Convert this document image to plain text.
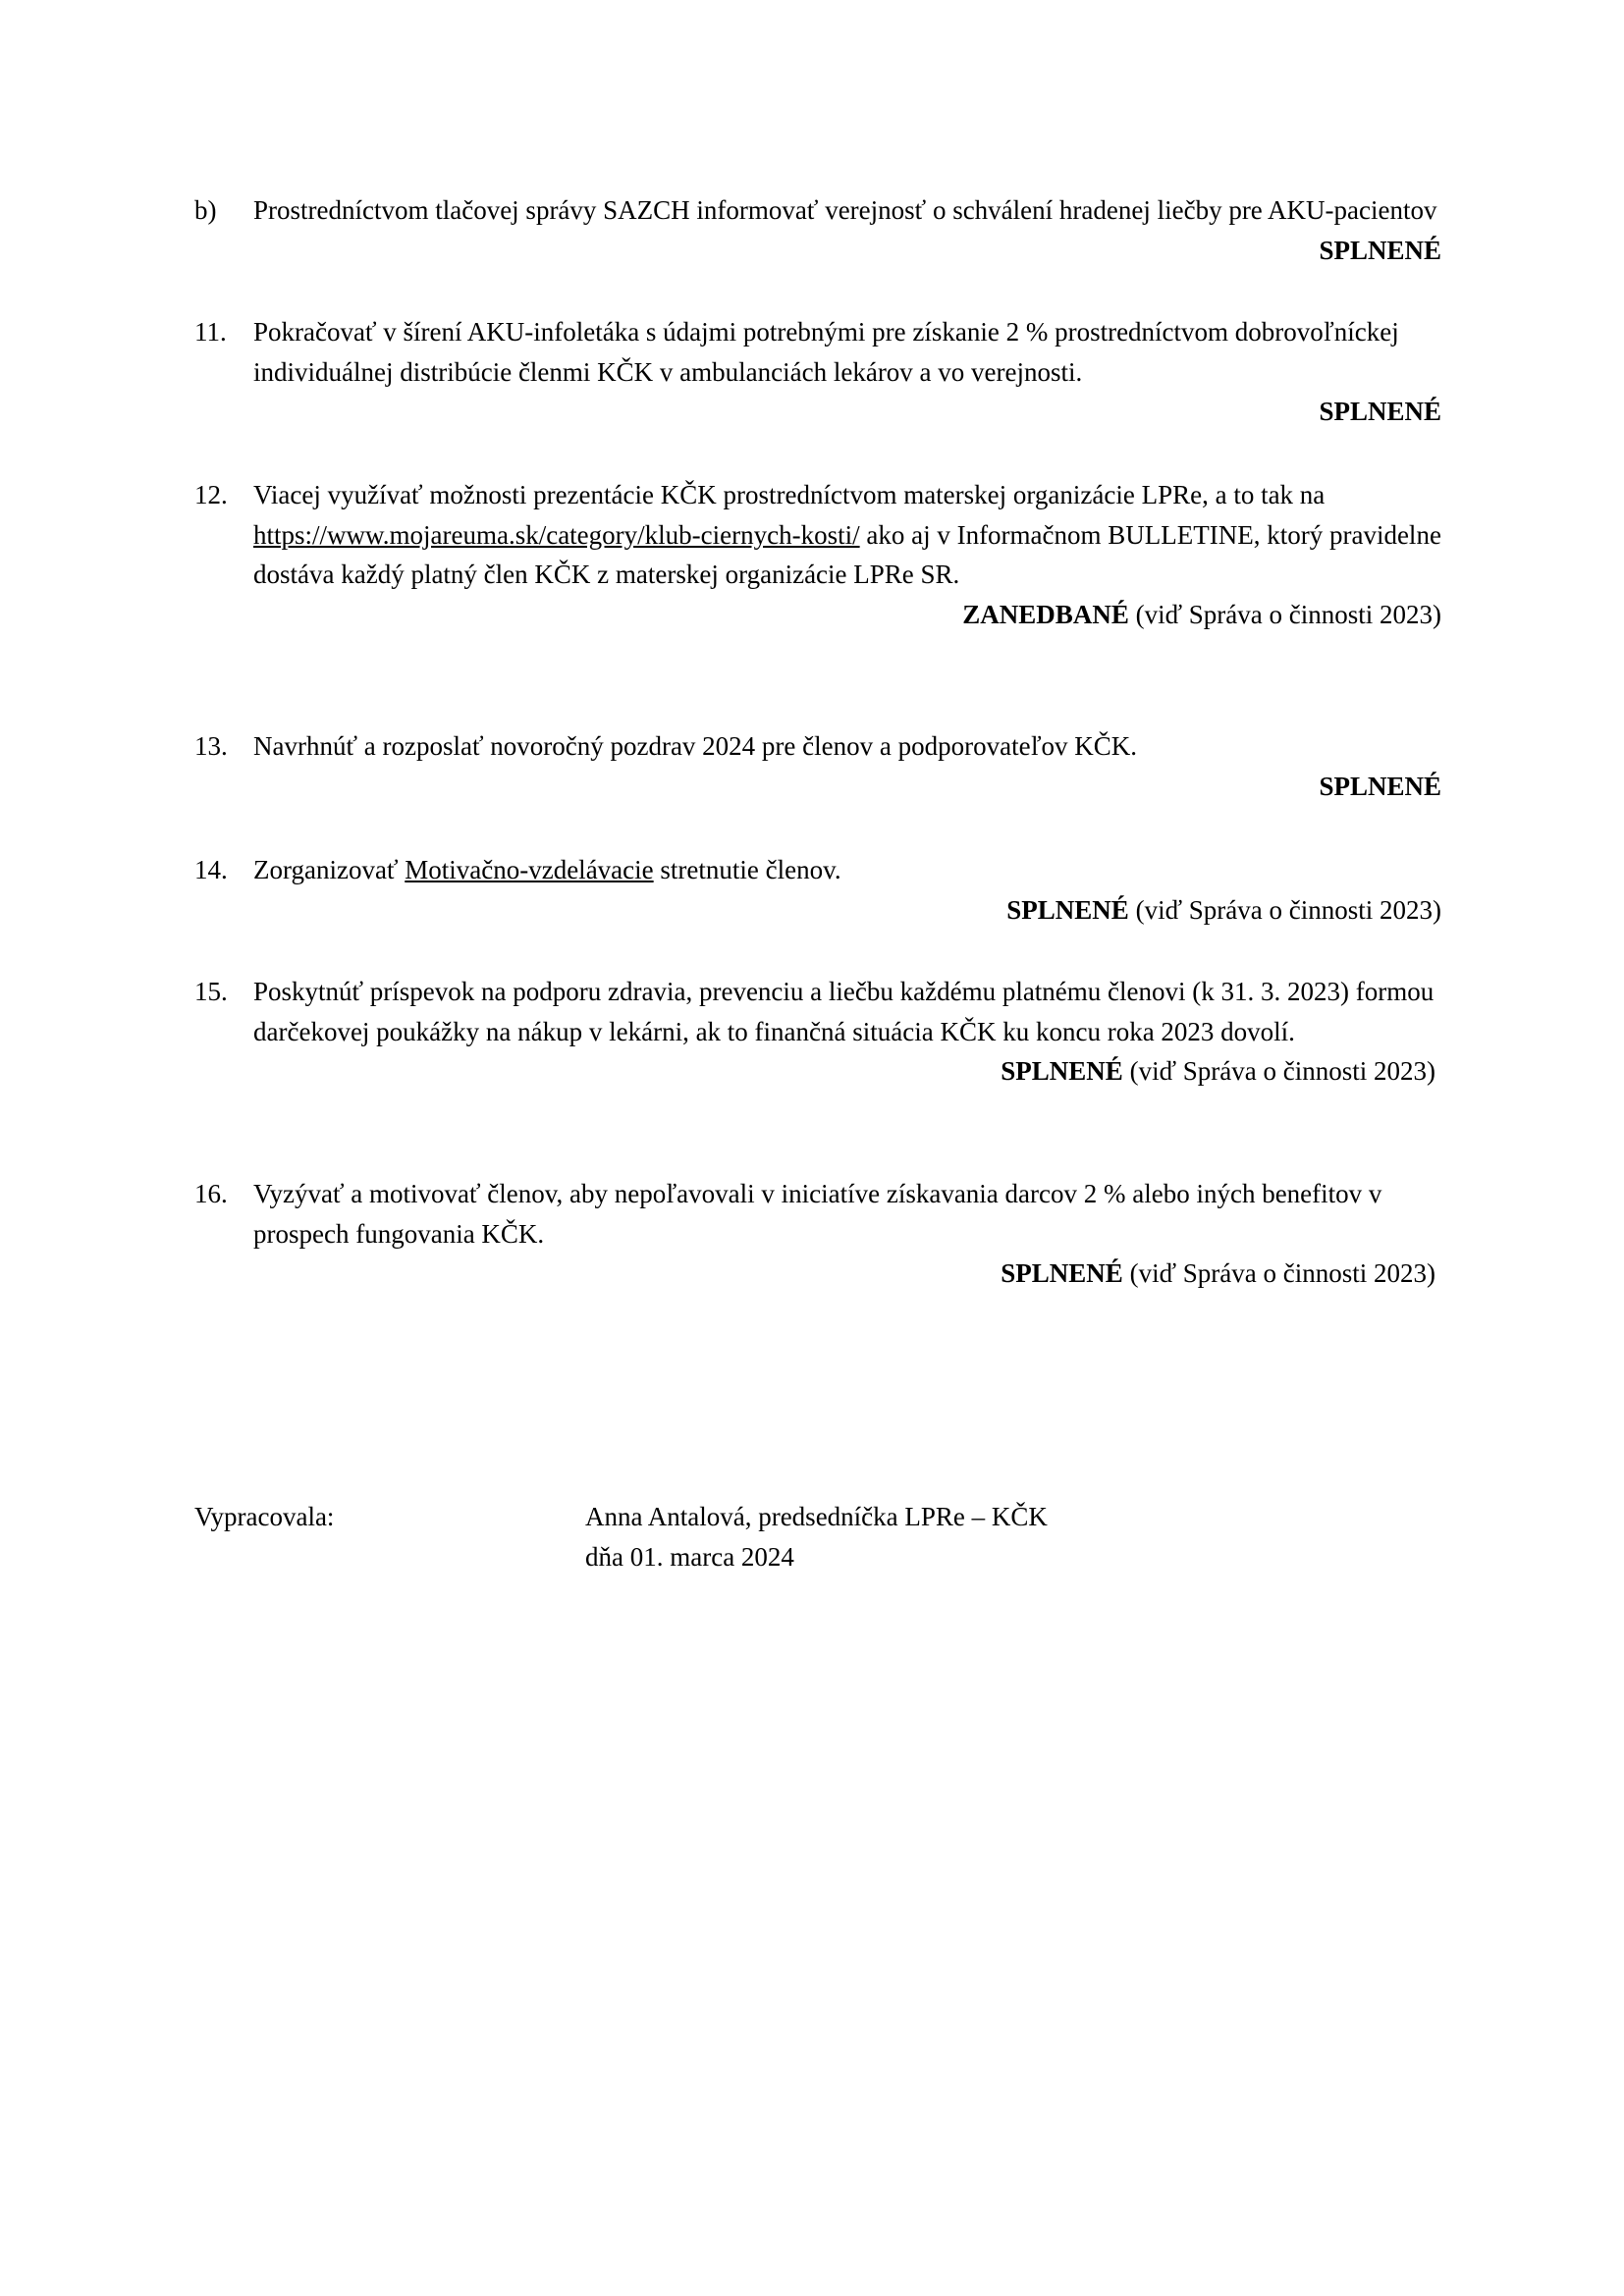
b)	Prostredníctvom tlačovej správy SAZCH informovať verejnosť o schválení hradenej liečby pre AKU-pacientov
SPLNENÉ
11.	Pokračovať v šírení AKU-infoletáka s údajmi potrebnými pre získanie 2 % prostredníctvom dobrovoľníckej individuálnej distribúcie členmi KČK v ambulanciách lekárov a vo verejnosti.
SPLNENÉ
12. Viacej využívať možnosti prezentácie KČK prostredníctvom materskej organizácie LPRe, a to tak na https://www.mojareuma.sk/category/klub-ciernych-kosti/ ako aj v Informačnom BULLETINE, ktorý pravidelne dostáva každý platný člen KČK z materskej organizácie LPRe SR.
ZANEDBANÉ (viď Správa o činnosti 2023)
13. Navrhnúť a rozposlať novoročný pozdrav 2024 pre členov a podporovateľov KČK.
SPLNENÉ
14. Zorganizovať Motivačno-vzdelávacie stretnutie členov.
SPLNENÉ (viď Správa o činnosti 2023)
15. Poskytnúť príspevok na podporu zdravia, prevenciu a liečbu každému platnému členovi (k 31. 3. 2023) formou darčekovej poukážky na nákup v lekárni, ak to finančná situácia KČK ku koncu roka 2023 dovolí.
SPLNENÉ (viď Správa o činnosti 2023)
16. Vyzývať a motivovať členov, aby nepoľavovali v iniciatíve získavania darcov 2 % alebo iných benefitov v prospech fungovania KČK.
SPLNENÉ (viď Správa o činnosti 2023)
Vypracovala:	Anna Antalová, predsedníčka LPRe – KČK
dňa 01. marca 2024
